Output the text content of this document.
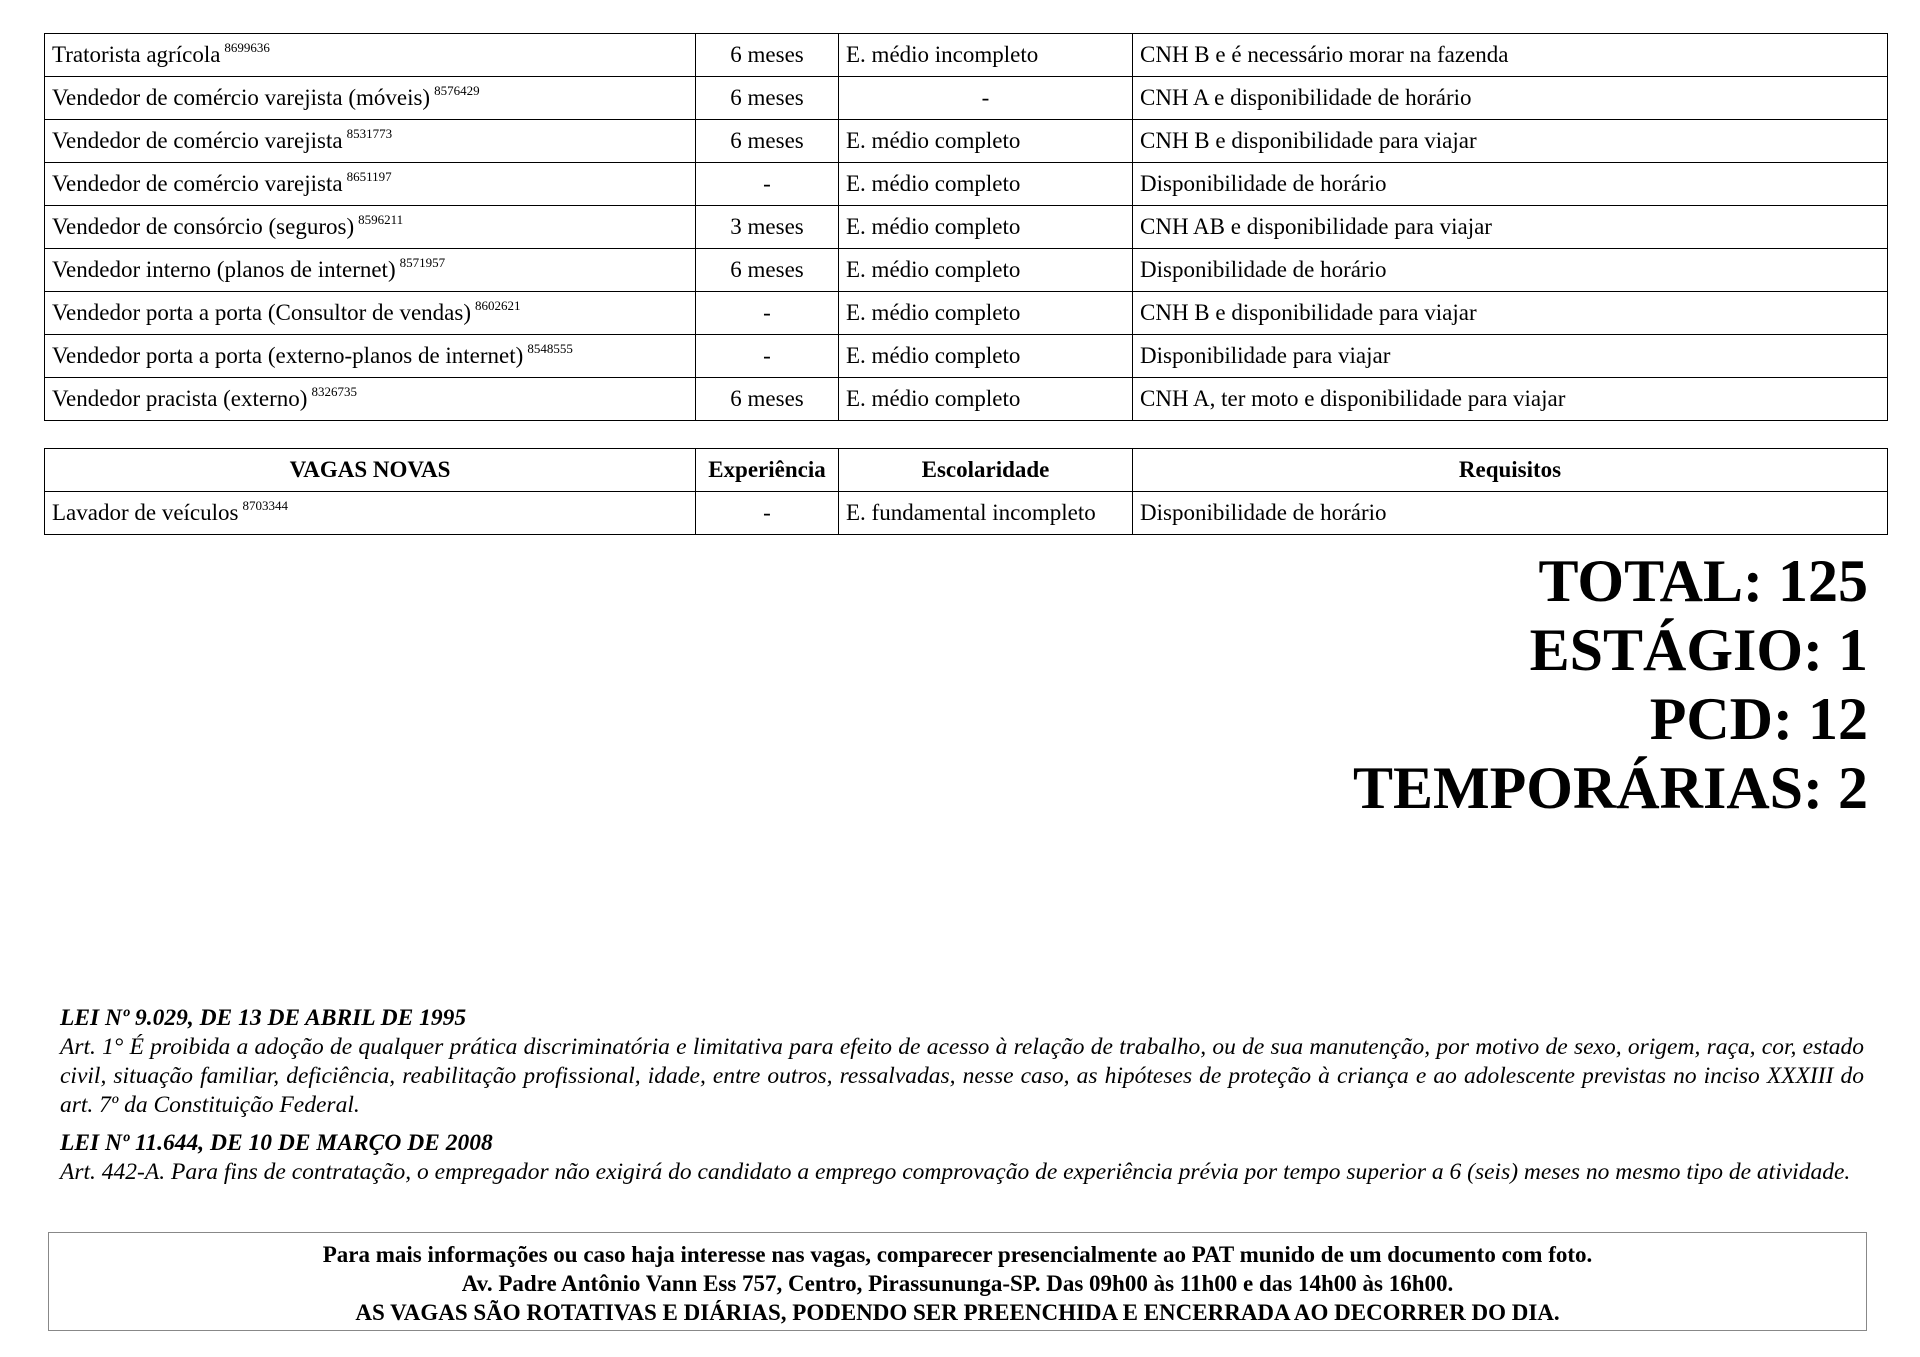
Tratorista agrícola $^{8699636}$	6 meses	E. médio incompleto	CNH B e é necessário morar na fazenda
Vendedor de comércio varejista (móveis) $^{8576429}$	6 meses	-	CNH A e disponibilidade de horário
Vendedor de comércio varejista $^{8531773}$	6 meses	E. médio completo	CNH B e disponibilidade para viajar
Vendedor de comércio varejista $^{8651197}$	-	E. médio completo	Disponibilidade de horário
Vendedor de consórcio (seguros) $^{8596211}$	3 meses	E. médio completo	CNH AB e disponibilidade para viajar
Vendedor interno (planos de internet) $^{8571957}$	6 meses	E. médio completo	Disponibilidade de horário
Vendedor porta a porta (Consultor de vendas) $^{8602621}$	-	E. médio completo	CNH B e disponibilidade para viajar
Vendedor porta a porta (externo-planos de internet) $^{8548555}$	-	E. médio completo	Disponibilidade para viajar
Vendedor pracista (externo) $^{8326735}$	6 meses	E. médio completo	CNH A, ter moto e disponibilidade para viajar
VAGAS NOVAS	Experiência	Escolaridade	Requisitos
Lavador de veículos $^{8703344}$	-	E. fundamental incompleto	Disponibilidade de horário
TOTAL: 125
ESTÁGIO: 1
PCD: 12
TEMPORÁRIAS: 2
LEI Nº 9.029, DE 13 DE ABRIL DE 1995
Art. 1° É proibida a adoção de qualquer prática discriminatória e limitativa para efeito de acesso à relação de trabalho, ou de sua manutenção, por motivo de sexo, origem, raça, cor, estado civil, situação familiar, deficiência, reabilitação profissional, idade, entre outros, ressalvadas, nesse caso, as hipóteses de proteção à criança e ao adolescente previstas no inciso XXXIII do art. 7º da Constituição Federal.
LEI Nº 11.644, DE 10 DE MARÇO DE 2008
Art. 442-A. Para fins de contratação, o empregador não exigirá do candidato a emprego comprovação de experiência prévia por tempo superior a 6 (seis) meses no mesmo tipo de atividade.
Para mais informações ou caso haja interesse nas vagas, comparecer presencialmente ao PAT munido de um documento com foto.
Av. Padre Antônio Vann Ess 757, Centro, Pirassununga-SP. Das 09h00 às 11h00 e das 14h00 às 16h00.
AS VAGAS SÃO ROTATIVAS E DIÁRIAS, PODENDO SER PREENCHIDA E ENCERRADA AO DECORRER DO DIA.
